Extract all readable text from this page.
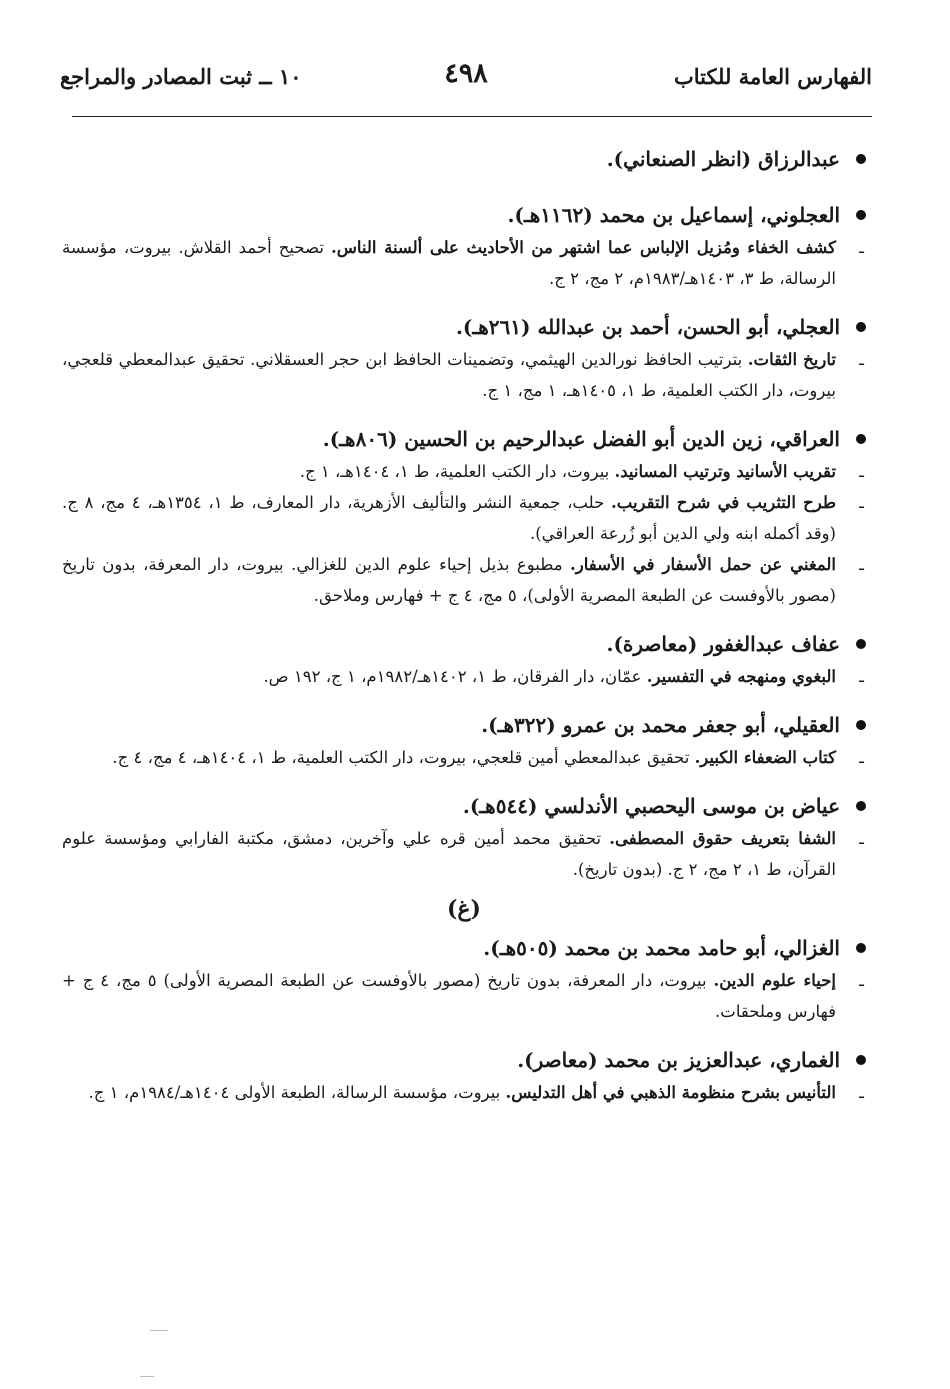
الفهارس العامة للكتاب
٤٩٨
١٠ ــ ثبت المصادر والمراجع
عبدالرزاق (انظر الصنعاني).
العجلوني، إسماعيل بن محمد (١١٦٢هـ).
ـ
كشف الخفاء ومُزيل الإلباس عما اشتهر من الأحاديث على ألسنة الناس. تصحيح أحمد القلاش. بيروت، مؤسسة الرسالة، ط ٣، ١٤٠٣هـ/١٩٨٣م، ٢ مج، ٢ ج.
العجلي، أبو الحسن، أحمد بن عبدالله (٢٦١هـ).
ـ
تاريخ الثقات. بترتيب الحافظ نورالدين الهيثمي، وتضمينات الحافظ ابن حجر العسقلاني. تحقيق عبدالمعطي قلعجي، بيروت، دار الكتب العلمية، ط ١، ١٤٠٥هـ، ١ مج، ١ ج.
العراقي، زين الدين أبو الفضل عبدالرحيم بن الحسين (٨٠٦هـ).
ـ
تقريب الأسانيد وترتيب المسانيد. بيروت، دار الكتب العلمية، ط ١، ١٤٠٤هـ، ١ ج.
ـ
طرح التثريب في شرح التقريب. حلب، جمعية النشر والتأليف الأزهرية، دار المعارف، ط ١، ١٣٥٤هـ، ٤ مج، ٨ ج. (وقد أكمله ابنه ولي الدين أبو زُرعة العراقي).
ـ
المغني عن حمل الأسفار في الأسفار. مطبوع بذيل إحياء علوم الدين للغزالي. بيروت، دار المعرفة، بدون تاريخ (مصور بالأوفست عن الطبعة المصرية الأولى)، ٥ مج، ٤ ج + فهارس وملاحق.
عفاف عبدالغفور (معاصرة).
ـ
البغوي ومنهجه في التفسير. عمّان، دار الفرقان، ط ١، ١٤٠٢هـ/١٩٨٢م، ١ ج، ١٩٢ ص.
العقيلي، أبو جعفر محمد بن عمرو (٣٢٢هـ).
ـ
كتاب الضعفاء الكبير. تحقيق عبدالمعطي أمين قلعجي، بيروت، دار الكتب العلمية، ط ١، ١٤٠٤هـ، ٤ مج، ٤ ج.
عياض بن موسى اليحصبي الأندلسي (٥٤٤هـ).
ـ
الشفا بتعريف حقوق المصطفى. تحقيق محمد أمين قره علي وآخرين، دمشق، مكتبة الفارابي ومؤسسة علوم القرآن، ط ١، ٢ مج، ٢ ج. (بدون تاريخ).
(غ)
الغزالي، أبو حامد محمد بن محمد (٥٠٥هـ).
ـ
إحياء علوم الدين. بيروت، دار المعرفة، بدون تاريخ (مصور بالأوفست عن الطبعة المصرية الأولى) ٥ مج، ٤ ج + فهارس وملحقات.
الغماري، عبدالعزيز بن محمد (معاصر).
ـ
التأنيس بشرح منظومة الذهبي في أهل التدليس. بيروت، مؤسسة الرسالة، الطبعة الأولى ١٤٠٤هـ/١٩٨٤م، ١ ج.
